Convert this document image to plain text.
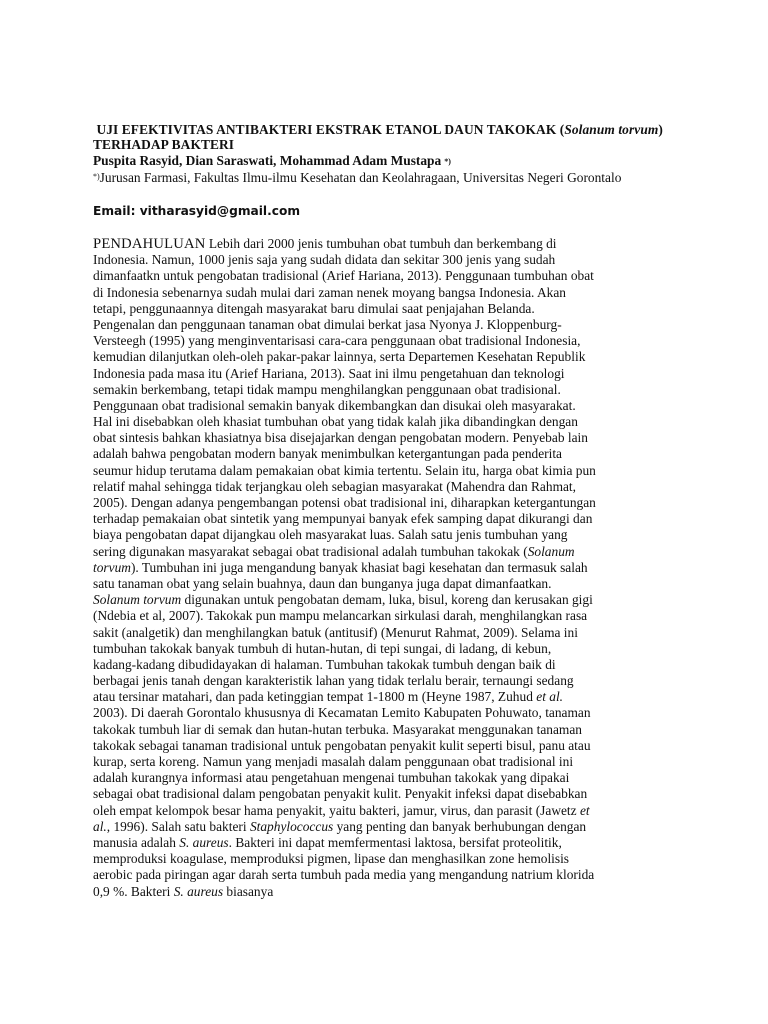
UJI EFEKTIVITAS ANTIBAKTERI EKSTRAK ETANOL DAUN TAKOKAK (Solanum torvum) TERHADAP BAKTERI
Puspita Rasyid, Dian Saraswati, Mohammad Adam Mustapa *)
*)Jurusan Farmasi, Fakultas Ilmu-ilmu Kesehatan dan Keolahragaan, Universitas Negeri Gorontalo
Email: vitharasyid@gmail.com
PENDAHULUAN Lebih dari 2000 jenis tumbuhan obat tumbuh dan berkembang di
Indonesia. Namun, 1000 jenis saja yang sudah didata dan sekitar 300 jenis yang sudah
dimanfaatkn untuk pengobatan tradisional (Arief Hariana, 2013). Penggunaan tumbuhan obat
di Indonesia sebenarnya sudah mulai dari zaman nenek moyang bangsa Indonesia. Akan
tetapi, penggunaannya ditengah masyarakat baru dimulai saat penjajahan Belanda.
Pengenalan dan penggunaan tanaman obat dimulai berkat jasa Nyonya J. Kloppenburg-
Versteegh (1995) yang menginventarisasi cara-cara penggunaan obat tradisional Indonesia,
kemudian dilanjutkan oleh-oleh pakar-pakar lainnya, serta Departemen Kesehatan Republik
Indonesia pada masa itu (Arief Hariana, 2013). Saat ini ilmu pengetahuan dan teknologi
semakin berkembang, tetapi tidak mampu menghilangkan penggunaan obat tradisional.
Penggunaan obat tradisional semakin banyak dikembangkan dan disukai oleh masyarakat.
Hal ini disebabkan oleh khasiat tumbuhan obat yang tidak kalah jika dibandingkan dengan
obat sintesis bahkan khasiatnya bisa disejajarkan dengan pengobatan modern. Penyebab lain
adalah bahwa pengobatan modern banyak menimbulkan ketergantungan pada penderita
seumur hidup terutama dalam pemakaian obat kimia tertentu. Selain itu, harga obat kimia pun
relatif mahal sehingga tidak terjangkau oleh sebagian masyarakat (Mahendra dan Rahmat,
2005). Dengan adanya pengembangan potensi obat tradisional ini, diharapkan ketergantungan
terhadap pemakaian obat sintetik yang mempunyai banyak efek samping dapat dikurangi dan
biaya pengobatan dapat dijangkau oleh masyarakat luas. Salah satu jenis tumbuhan yang
sering digunakan masyarakat sebagai obat tradisional adalah tumbuhan takokak (Solanum
torvum). Tumbuhan ini juga mengandung banyak khasiat bagi kesehatan dan termasuk salah
satu tanaman obat yang selain buahnya, daun dan bunganya juga dapat dimanfaatkan.
Solanum torvum digunakan untuk pengobatan demam, luka, bisul, koreng dan kerusakan gigi
(Ndebia et al, 2007). Takokak pun mampu melancarkan sirkulasi darah, menghilangkan rasa
sakit (analgetik) dan menghilangkan batuk (antitusif) (Menurut Rahmat, 2009). Selama ini
tumbuhan takokak banyak tumbuh di hutan-hutan, di tepi sungai, di ladang, di kebun,
kadang-kadang dibudidayakan di halaman. Tumbuhan takokak tumbuh dengan baik di
berbagai jenis tanah dengan karakteristik lahan yang tidak terlalu berair, ternaungi sedang
atau tersinar matahari, dan pada ketinggian tempat 1-1800 m (Heyne 1987, Zuhud et al.
2003). Di daerah Gorontalo khususnya di Kecamatan Lemito Kabupaten Pohuwato, tanaman
takokak tumbuh liar di semak dan hutan-hutan terbuka. Masyarakat menggunakan tanaman
takokak sebagai tanaman tradisional untuk pengobatan penyakit kulit seperti bisul, panu atau
kurap, serta koreng. Namun yang menjadi masalah dalam penggunaan obat tradisional ini
adalah kurangnya informasi atau pengetahuan mengenai tumbuhan takokak yang dipakai
sebagai obat tradisional dalam pengobatan penyakit kulit. Penyakit infeksi dapat disebabkan
oleh empat kelompok besar hama penyakit, yaitu bakteri, jamur, virus, dan parasit (Jawetz et
al., 1996). Salah satu bakteri Staphylococcus yang penting dan banyak berhubungan dengan
manusia adalah S. aureus. Bakteri ini dapat memfermentasi laktosa, bersifat proteolitik,
memproduksi koagulase, memproduksi pigmen, lipase dan menghasilkan zone hemolisis
aerobic pada piringan agar darah serta tumbuh pada media yang mengandung natrium klorida
0,9 %. Bakteri S. aureus biasanya
